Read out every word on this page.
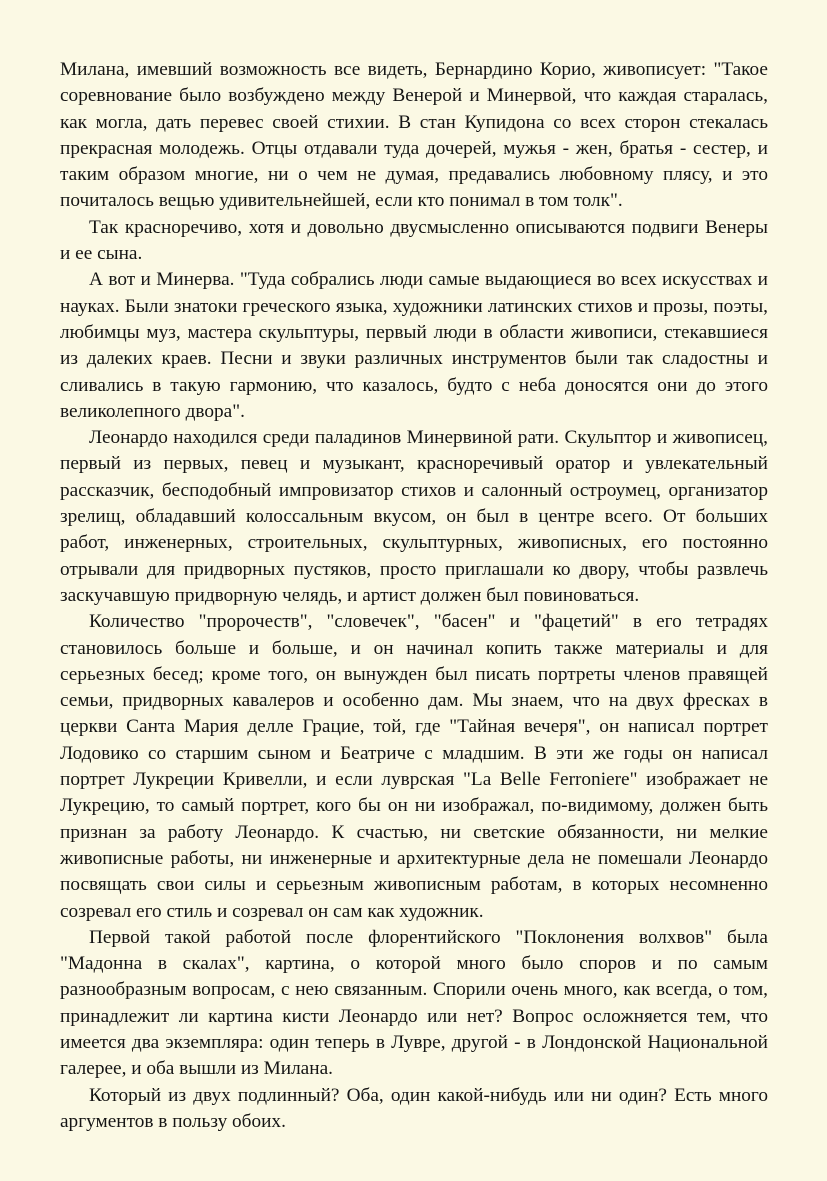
Милана, имевший возможность все видеть, Бернардино Корио, живописует: "Такое соревнование было возбуждено между Венерой и Минервой, что каждая старалась, как могла, дать перевес своей стихии. В стан Купидона со всех сторон стекалась прекрасная молодежь. Отцы отдавали туда дочерей, мужья - жен, братья - сестер, и таким образом многие, ни о чем не думая, предавались любовному плясу, и это почиталось вещью удивительнейшей, если кто понимал в том толк".

Так красноречиво, хотя и довольно двусмысленно описываются подвиги Венеры и ее сына.

А вот и Минерва. "Туда собрались люди самые выдающиеся во всех искусствах и науках. Были знатоки греческого языка, художники латинских стихов и прозы, поэты, любимцы муз, мастера скульптуры, первый люди в области живописи, стекавшиеся из далеких краев. Песни и звуки различных инструментов были так сладостны и сливались в такую гармонию, что казалось, будто с неба доносятся они до этого великолепного двора".

Леонардо находился среди паладинов Минервиной рати. Скульптор и живописец, первый из первых, певец и музыкант, красноречивый оратор и увлекательный рассказчик, бесподобный импровизатор стихов и салонный остроумец, организатор зрелищ, обладавший колоссальным вкусом, он был в центре всего. От больших работ, инженерных, строительных, скульптурных, живописных, его постоянно отрывали для придворных пустяков, просто приглашали ко двору, чтобы развлечь заскучавшую придворную челядь, и артист должен был повиноваться.

Количество "пророчеств", "словечек", "басен" и "фацетий" в его тетрадях становилось больше и больше, и он начинал копить также материалы и для серьезных бесед; кроме того, он вынужден был писать портреты членов правящей семьи, придворных кавалеров и особенно дам. Мы знаем, что на двух фресках в церкви Санта Мария делле Грацие, той, где "Тайная вечеря", он написал портрет Лодовико со старшим сыном и Беатриче с младшим. В эти же годы он написал портрет Лукреции Кривелли, и если луврская "La Belle Ferroniere" изображает не Лукрецию, то самый портрет, кого бы он ни изображал, по-видимому, должен быть признан за работу Леонардо. К счастью, ни светские обязанности, ни мелкие живописные работы, ни инженерные и архитектурные дела не помешали Леонардо посвящать свои силы и серьезным живописным работам, в которых несомненно созревал его стиль и созревал он сам как художник.

Первой такой работой после флорентийского "Поклонения волхвов" была "Мадонна в скалах", картина, о которой много было споров и по самым разнообразным вопросам, с нею связанным. Спорили очень много, как всегда, о том, принадлежит ли картина кисти Леонардо или нет? Вопрос осложняется тем, что имеется два экземпляра: один теперь в Лувре, другой - в Лондонской Национальной галерее, и оба вышли из Милана.

Который из двух подлинный? Оба, один какой-нибудь или ни один? Есть много аргументов в пользу обоих.
